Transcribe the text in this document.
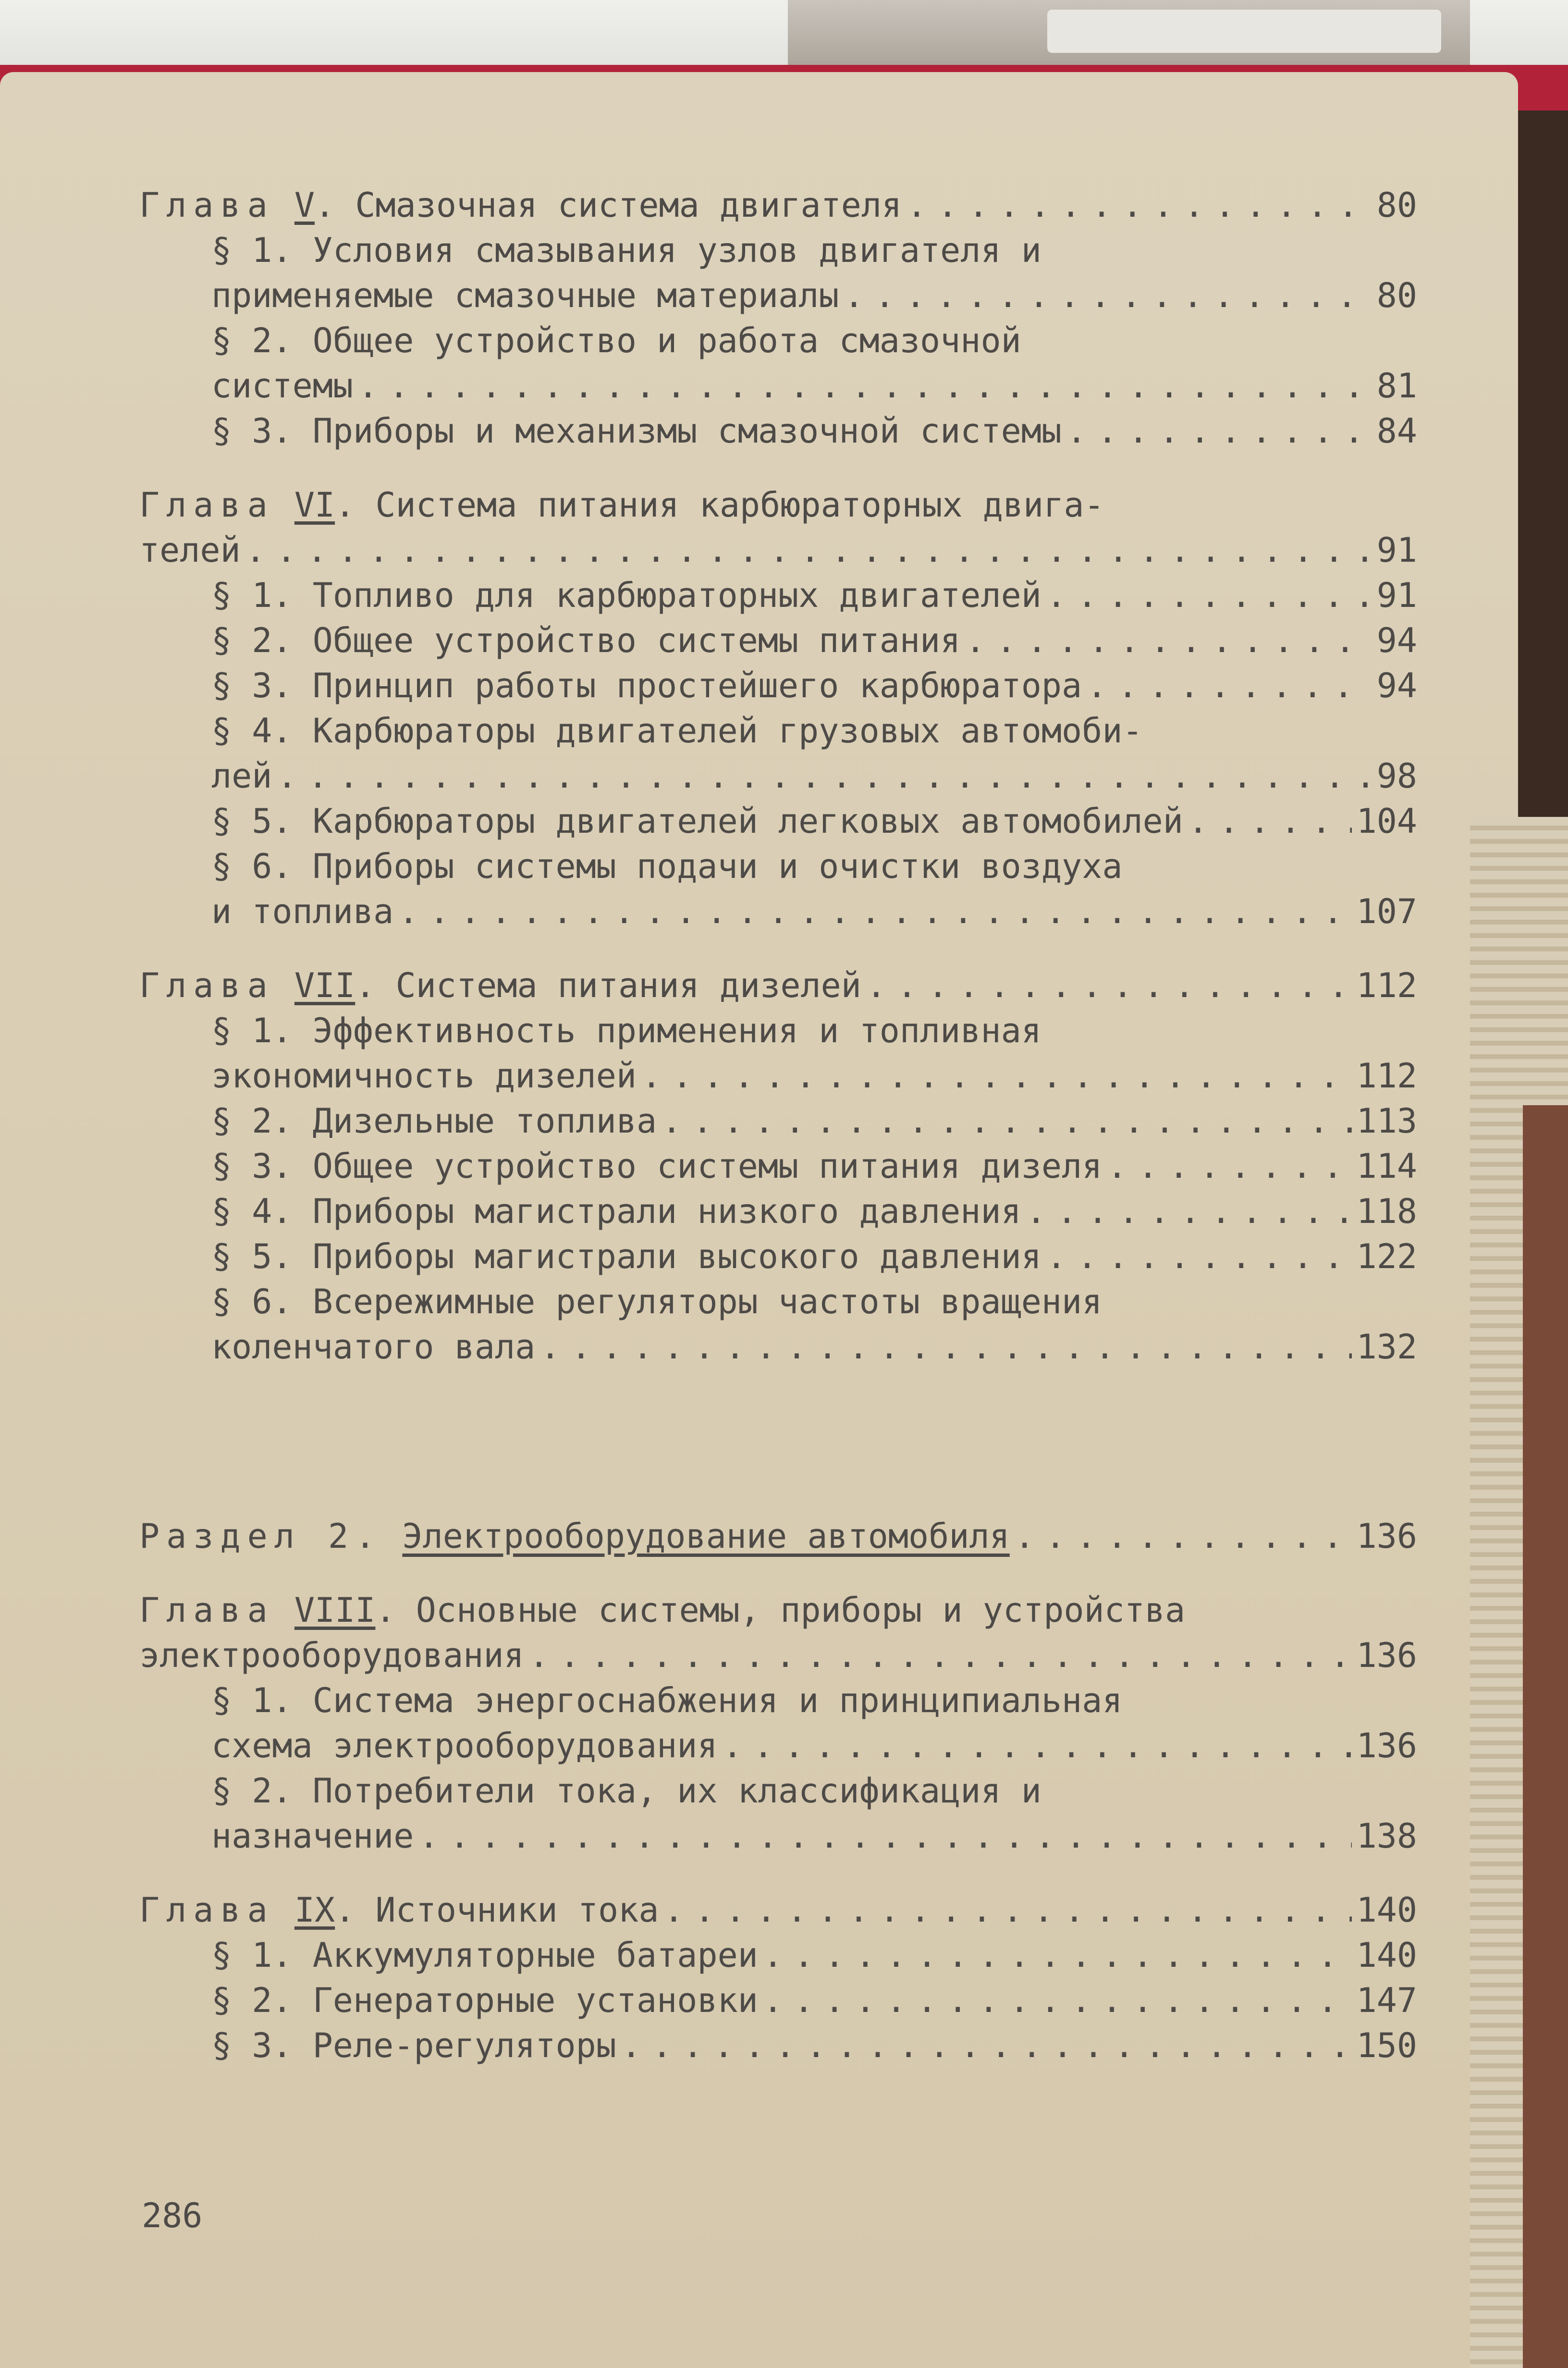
Глава V. Смазочная система двигателя .....	80
§ 1. Условия смазывания узлов двигателя и
применяемые смазочные материалы .....	80
§ 2. Общее устройство и работа смазочной
системы .....	81
§ 3. Приборы и механизмы смазочной системы .....	84
Глава VI. Система питания карбюраторных двига-
телей .....	91
§ 1. Топливо для карбюраторных двигателей .....	91
§ 2. Общее устройство системы питания .....	94
§ 3. Принцип работы простейшего карбюратора .....	94
§ 4. Карбюраторы двигателей грузовых автомоби-
лей .....	98
§ 5. Карбюраторы двигателей легковых автомобилей .....	104
§ 6. Приборы системы подачи и очистки воздуха
и топлива .....	107
Глава VII. Система питания дизелей .....	112
§ 1. Эффективность применения и топливная
экономичность дизелей .....	112
§ 2. Дизельные топлива .....	113
§ 3. Общее устройство системы питания дизеля .....	114
§ 4. Приборы магистрали низкого давления .....	118
§ 5. Приборы магистрали высокого давления .....	122
§ 6. Всережимные регуляторы частоты вращения
коленчатого вала .....	132
Раздел 2. Электрооборудование автомобиля .....	136
Глава VIII. Основные системы, приборы и устройства
электрооборудования .....	136
§ 1. Система энергоснабжения и принципиальная
схема электрооборудования .....	136
§ 2. Потребители тока, их классификация и
назначение .....	138
Глава IX. Источники тока .....	140
§ 1. Аккумуляторные батареи .....	140
§ 2. Генераторные установки .....	147
§ 3. Реле-регуляторы .....	150
286
